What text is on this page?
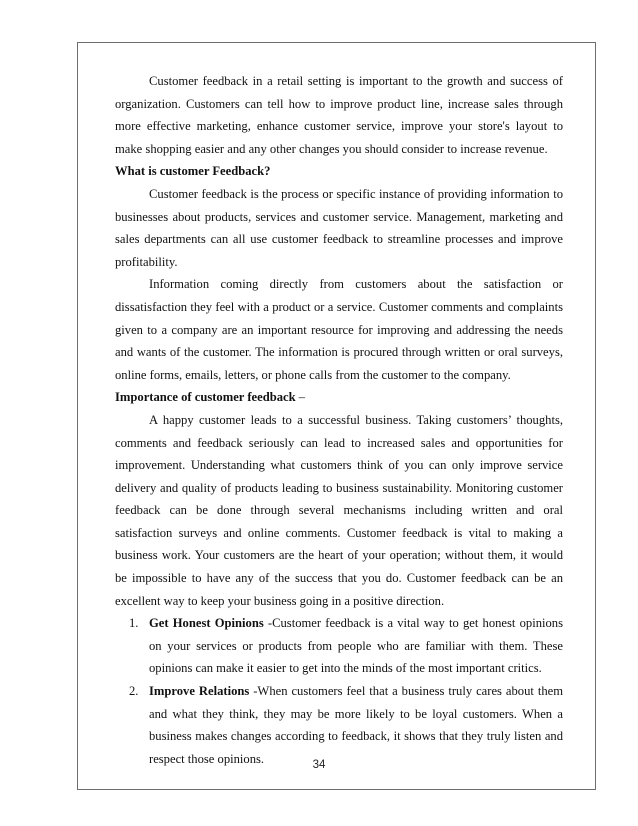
Customer feedback in a retail setting is important to the growth and success of organization. Customers can tell how to improve product line, increase sales through more effective marketing, enhance customer service, improve your store's layout to make shopping easier and any other changes you should consider to increase revenue.

What is customer Feedback?

Customer feedback is the process or specific instance of providing information to businesses about products, services and customer service. Management, marketing and sales departments can all use customer feedback to streamline processes and improve profitability.

Information coming directly from customers about the satisfaction or dissatisfaction they feel with a product or a service. Customer comments and complaints given to a company are an important resource for improving and addressing the needs and wants of the customer. The information is procured through written or oral surveys, online forms, emails, letters, or phone calls from the customer to the company.

Importance of customer feedback –

A happy customer leads to a successful business. Taking customers’ thoughts, comments and feedback seriously can lead to increased sales and opportunities for improvement. Understanding what customers think of you can only improve service delivery and quality of products leading to business sustainability. Monitoring customer feedback can be done through several mechanisms including written and oral satisfaction surveys and online comments. Customer feedback is vital to making a business work. Your customers are the heart of your operation; without them, it would be impossible to have any of the success that you do. Customer feedback can be an excellent way to keep your business going in a positive direction.

1. Get Honest Opinions -Customer feedback is a vital way to get honest opinions on your services or products from people who are familiar with them. These opinions can make it easier to get into the minds of the most important critics.
2. Improve Relations -When customers feel that a business truly cares about them and what they think, they may be more likely to be loyal customers. When a business makes changes according to feedback, it shows that they truly listen and respect those opinions.	34
